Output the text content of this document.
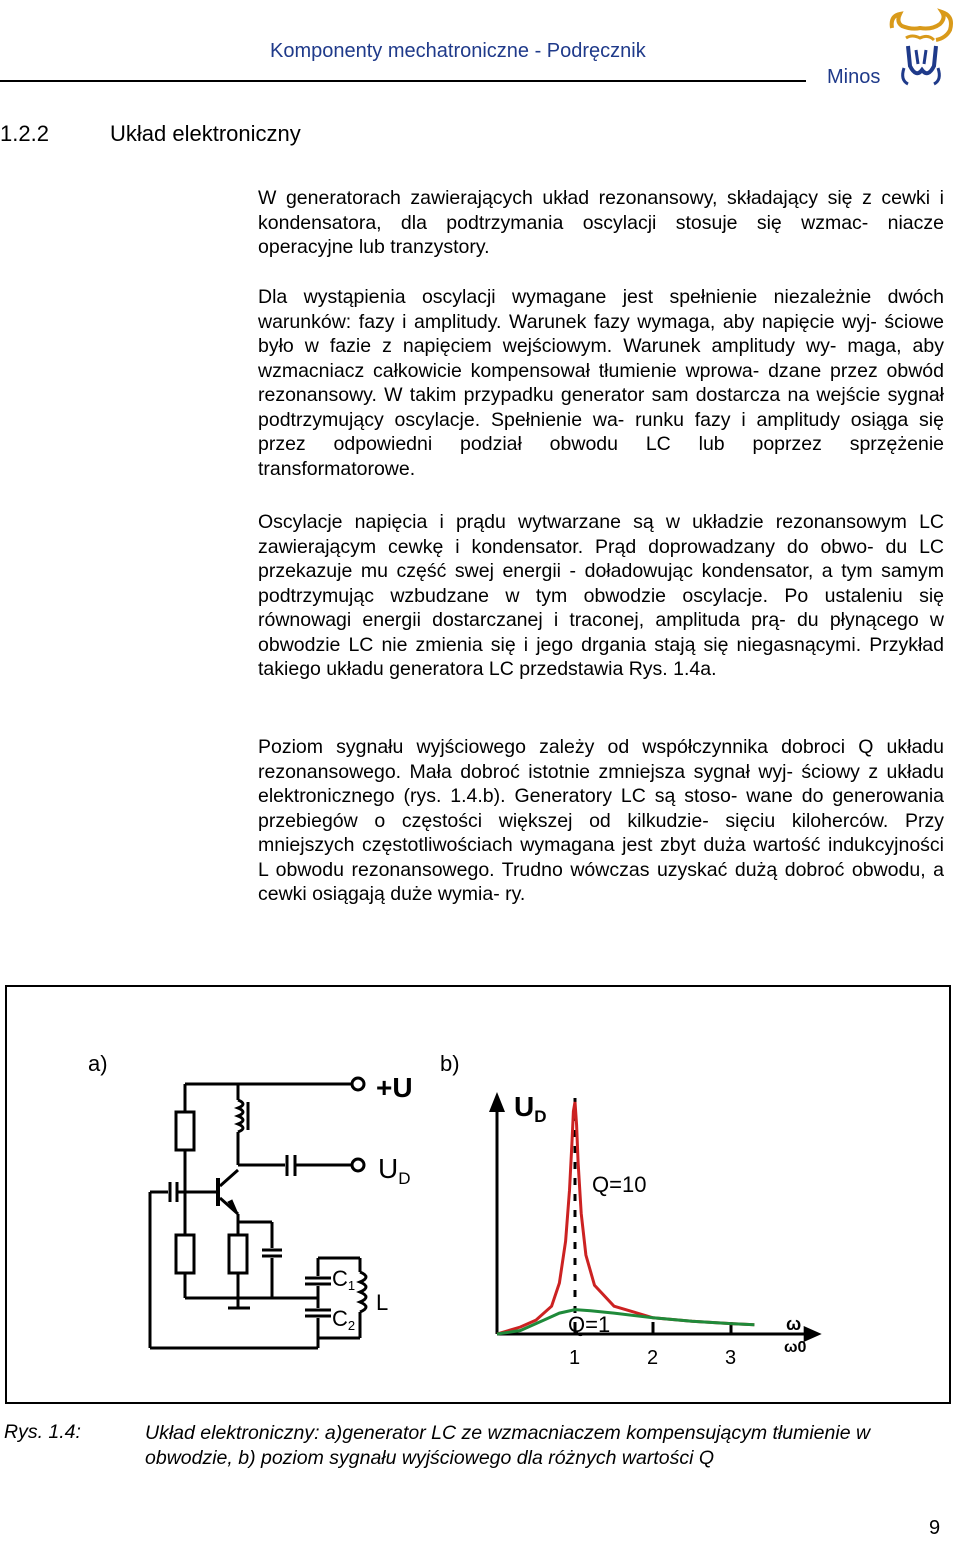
Komponenty mechatroniczne - Podręcznik
Minos
1.2.2	Układ elektroniczny
W generatorach zawierających układ rezonansowy, składający się z cewki i kondensatora, dla podtrzymania oscylacji stosuje się wzmac- niacze operacyjne lub tranzystory.
Dla wystąpienia oscylacji wymagane jest spełnienie niezależnie dwóch warunków: fazy i amplitudy. Warunek fazy wymaga, aby napięcie wyj- ściowe było w fazie z napięciem wejściowym. Warunek amplitudy wy- maga, aby wzmacniacz całkowicie kompensował tłumienie wprowa- dzane przez obwód rezonansowy. W takim przypadku generator sam dostarcza na wejście sygnał podtrzymujący oscylacje. Spełnienie wa- runku fazy i amplitudy osiąga się przez odpowiedni podział obwodu LC lub poprzez sprzężenie transformatorowe.
Oscylacje napięcia i prądu wytwarzane są w układzie rezonansowym LC zawierającym cewkę i kondensator. Prąd doprowadzany do obwo- du LC przekazuje mu część swej energii - doładowując kondensator, a tym samym podtrzymując wzbudzane w tym obwodzie oscylacje. Po ustaleniu się równowagi energii dostarczanej i traconej, amplituda prą- du płynącego w obwodzie LC nie zmienia się i jego drgania stają się niegasnącymi. Przykład takiego układu generatora LC przedstawia Rys. 1.4a.
Poziom sygnału wyjściowego zależy od współczynnika dobroci Q układu rezonansowego. Mała dobroć istotnie zmniejsza sygnał wyj- ściowy z układu elektronicznego (rys. 1.4.b). Generatory LC są stoso- wane do generowania przebiegów o częstości większej od kilkudzie- sięciu kiloherców. Przy mniejszych częstotliwościach wymagana jest zbyt duża wartość indukcyjności L obwodu rezonansowego. Trudno wówczas uzyskać dużą dobroć obwodu, a cewki osiągają duże wymia- ry.
a)
+U
$U_D$
C1
C2
L
b)
1	2	3
Q=10
Q=1
$U_D$
ω
ω0
Rys. 1.4:	Układ elektroniczny: a)generator LC ze wzmacniaczem kompensującym tłumienie w obwodzie, b) poziom sygnału wyjściowego dla różnych wartości Q
9
